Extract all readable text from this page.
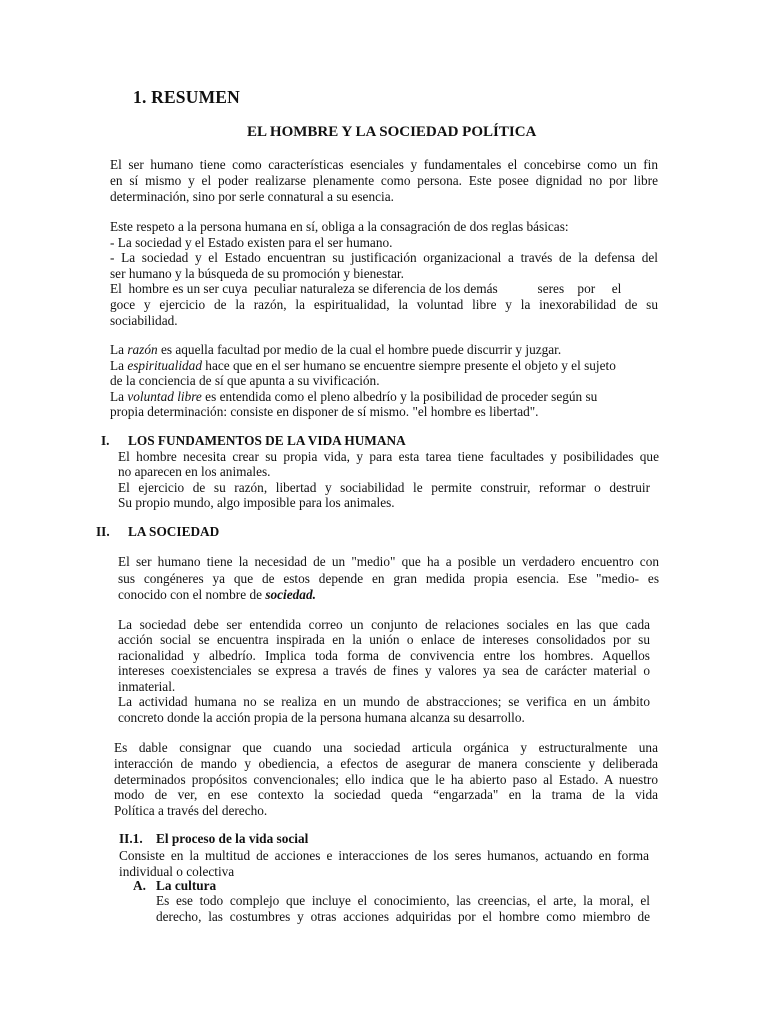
1. RESUMEN
EL HOMBRE Y LA SOCIEDAD POLÍTICA
El ser humano tiene como características esenciales y fundamentales el concebirse como un fin
en sí mismo y el poder realizarse plenamente como persona. Este posee dignidad no por libre
determinación, sino por serle connatural a su esencia.
Este respeto a la persona humana en sí, obliga a la consagración de dos reglas básicas:
- La sociedad y el Estado existen para el ser humano.
- La sociedad y el Estado encuentran su justificación organizacional a través de la defensa del
ser humano y la búsqueda de su promoción y bienestar.
El  hombre es un ser cuya  peculiar naturaleza se diferencia de los demás            seres    por     el
goce y ejercicio de la razón, la espiritualidad, la voluntad libre y la inexorabilidad de su
sociabilidad.
La razón es aquella facultad por medio de la cual el hombre puede discurrir y juzgar.
La espiritualidad hace que en el ser humano se encuentre siempre presente el objeto y el sujeto
de la conciencia de sí que apunta a su vivificación.
La voluntad libre es entendida como el pleno albedrío y la posibilidad de proceder según su
propia determinación: consiste en disponer de sí mismo. "el hombre es libertad".
I. LOS FUNDAMENTOS DE LA VIDA HUMANA
El hombre necesita crear su propia vida, y para esta tarea tiene facultades y posibilidades que
no aparecen en los animales.
El ejercicio de su razón, libertad y sociabilidad le permite construir, reformar o destruir
Su propio mundo, algo imposible para los animales.
II. LA SOCIEDAD
El ser humano tiene la necesidad de un "medio" que ha a posible un verdadero encuentro con
sus congéneres ya que de estos depende en gran medida propia esencia. Ese "medio- es
conocido con el nombre de sociedad.
La sociedad debe ser entendida correo un conjunto de relaciones sociales en las que cada
acción social se encuentra inspirada en la unión o enlace de intereses consolidados por su
racionalidad y albedrío. Implica toda forma de convivencia entre los hombres. Aquellos
intereses coexistenciales se expresa a través de fines y valores ya sea de carácter material o
inmaterial.
La actividad humana no se realiza en un mundo de abstracciones; se verifica en un ámbito
concreto donde la acción propia de la persona humana alcanza su desarrollo.
Es dable consignar que cuando una sociedad articula orgánica y estructuralmente una
interacción de mando y obediencia, a efectos de asegurar de manera consciente y deliberada
determinados propósitos convencionales; ello indica que le ha abierto paso al Estado. A nuestro
modo de ver, en ese contexto la sociedad queda “engarzada" en la trama de la vida
Política a través del derecho.
II.1. El proceso de la vida social
Consiste en la multitud de acciones e interacciones de los seres humanos, actuando en forma
individual o colectiva
A. La cultura
Es ese todo complejo que incluye el conocimiento, las creencias, el arte, la moral, el
derecho, las costumbres y otras acciones adquiridas por el hombre como miembro de
